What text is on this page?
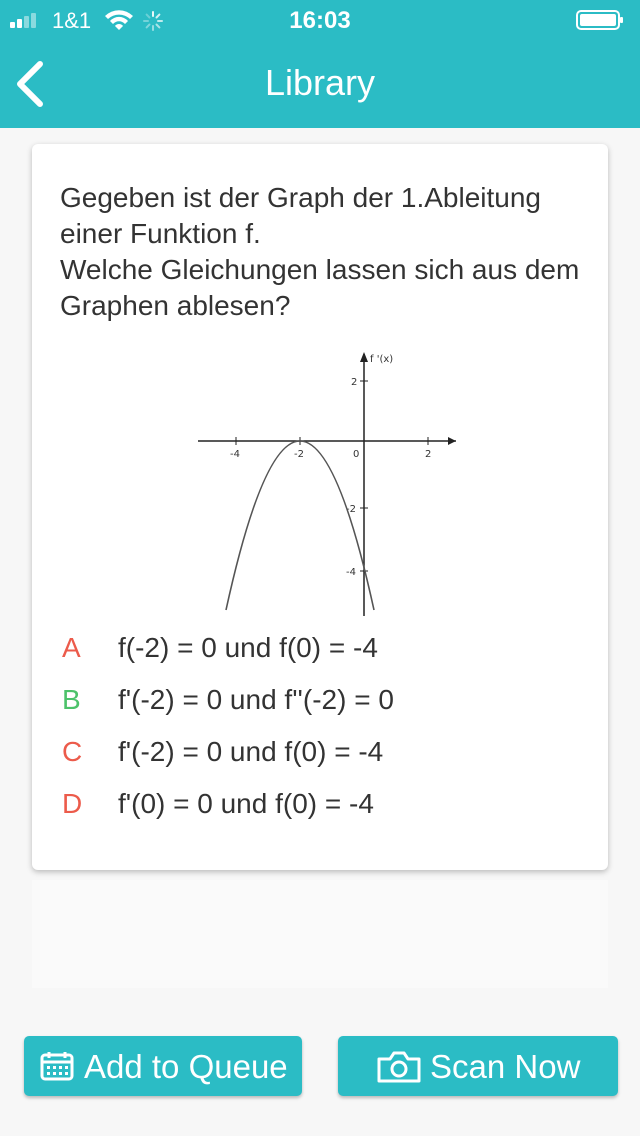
1&1	16:03
Library

Gegeben ist der Graph der 1.Ableitung einer Funktion f.

Welche Gleichungen lassen sich aus dem Graphen ablesen?

f '(x)
-4	-2	0	2
2
-2
-4
A	f(-2) = 0 und f(0) = -4
B	f'(-2) = 0 und f''(-2) = 0
C	f'(-2) = 0 und f(0) = -4
D	f'(0) = 0 und f(0) = -4
Add to Queue	Scan Now
